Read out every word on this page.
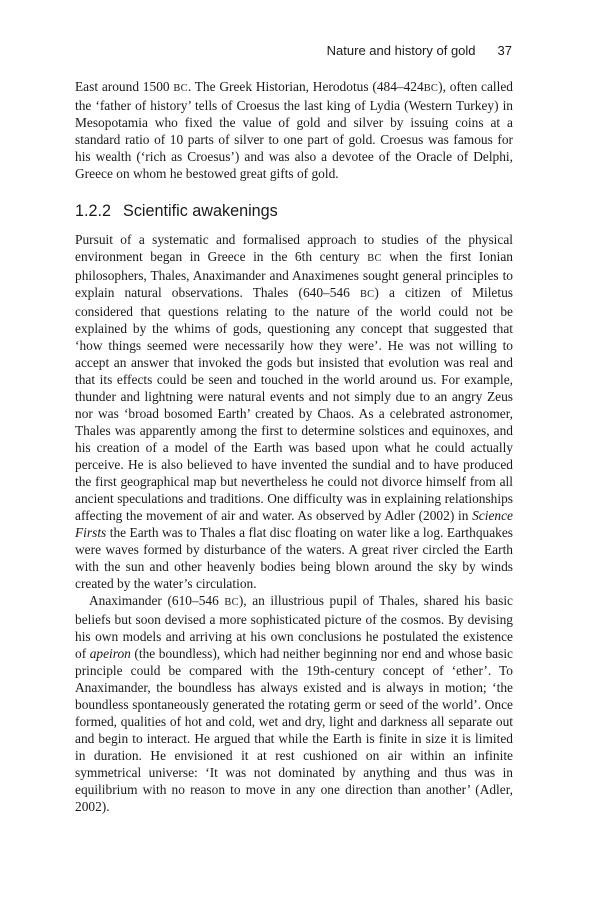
Nature and history of gold 37

East around 1500 BC. The Greek Historian, Herodotus (484–424BC), often called the ‘father of history’ tells of Croesus the last king of Lydia (Western Turkey) in Mesopotamia who fixed the value of gold and silver by issuing coins at a standard ratio of 10 parts of silver to one part of gold. Croesus was famous for his wealth (‘rich as Croesus’) and was also a devotee of the Oracle of Delphi, Greece on whom he bestowed great gifts of gold.

1.2.2 Scientific awakenings

Pursuit of a systematic and formalised approach to studies of the physical environment began in Greece in the 6th century BC when the first Ionian philosophers, Thales, Anaximander and Anaximenes sought general principles to explain natural observations. Thales (640–546 BC) a citizen of Miletus considered that questions relating to the nature of the world could not be explained by the whims of gods, questioning any concept that suggested that ‘how things seemed were necessarily how they were’. He was not willing to accept an answer that invoked the gods but insisted that evolution was real and that its effects could be seen and touched in the world around us. For example, thunder and lightning were natural events and not simply due to an angry Zeus nor was ‘broad bosomed Earth’ created by Chaos. As a celebrated astronomer, Thales was apparently among the first to determine solstices and equinoxes, and his creation of a model of the Earth was based upon what he could actually perceive. He is also believed to have invented the sundial and to have produced the first geographical map but nevertheless he could not divorce himself from all ancient speculations and traditions. One difficulty was in explaining relationships affecting the movement of air and water. As observed by Adler (2002) in Science Firsts the Earth was to Thales a flat disc floating on water like a log. Earthquakes were waves formed by disturbance of the waters. A great river circled the Earth with the sun and other heavenly bodies being blown around the sky by winds created by the water’s circulation.

Anaximander (610–546 BC), an illustrious pupil of Thales, shared his basic beliefs but soon devised a more sophisticated picture of the cosmos. By devising his own models and arriving at his own conclusions he postulated the existence of apeiron (the boundless), which had neither beginning nor end and whose basic principle could be compared with the 19th-century concept of ‘ether’. To Anaximander, the boundless has always existed and is always in motion; ‘the boundless spontaneously generated the rotating germ or seed of the world’. Once formed, qualities of hot and cold, wet and dry, light and darkness all separate out and begin to interact. He argued that while the Earth is finite in size it is limited in duration. He envisioned it at rest cushioned on air within an infinite symmetrical universe: ‘It was not dominated by anything and thus was in equilibrium with no reason to move in any one direction than another’ (Adler, 2002).
